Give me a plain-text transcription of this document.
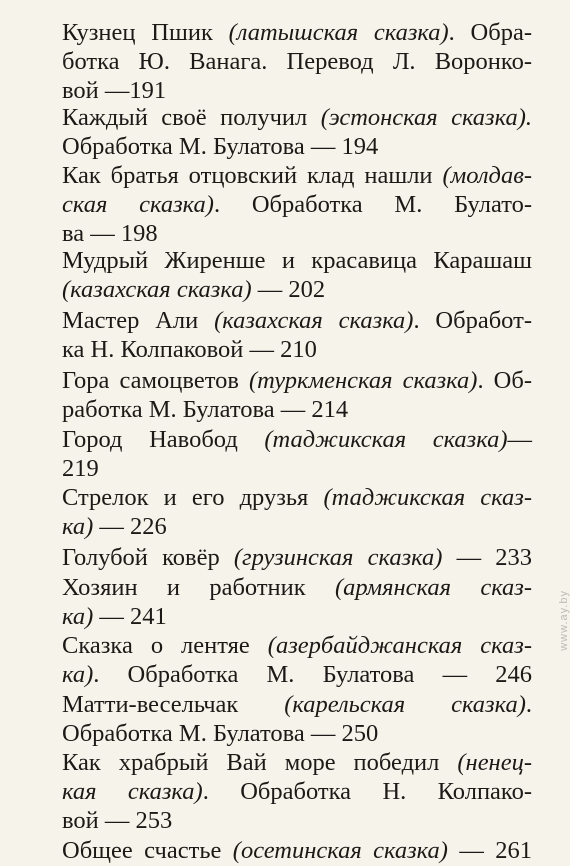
Кузнец Пшик (латышская сказка). Обра-
ботка Ю. Ванага. Перевод Л. Воронко-
вой —191
Каждый своё получил (эстонская сказка).
Обработка М. Булатова — 194
Как братья отцовский клад нашли (молдав-
ская сказка). Обработка М. Булато-
ва — 198
Мудрый Жиренше и красавица Карашаш
(казахская сказка) — 202
Мастер Али (казахская сказка). Обработ-
ка Н. Колпаковой — 210
Гора самоцветов (туркменская сказка). Об-
работка М. Булатова — 214
Город Навобод (таджикская сказка)—
219
Стрелок и его друзья (таджикская сказ-
ка) — 226
Голубой ковёр (грузинская сказка) — 233
Хозяин и работник (армянская сказ-
ка) — 241
Сказка о лентяе (азербайджанская сказ-
ка). Обработка М. Булатова — 246
Матти-весельчак (карельская сказка).
Обработка М. Булатова — 250
Как храбрый Вай море победил (ненец-
кая сказка). Обработка Н. Колпако-
вой — 253
Общее счастье (осетинская сказка) — 261
www.ay.by
